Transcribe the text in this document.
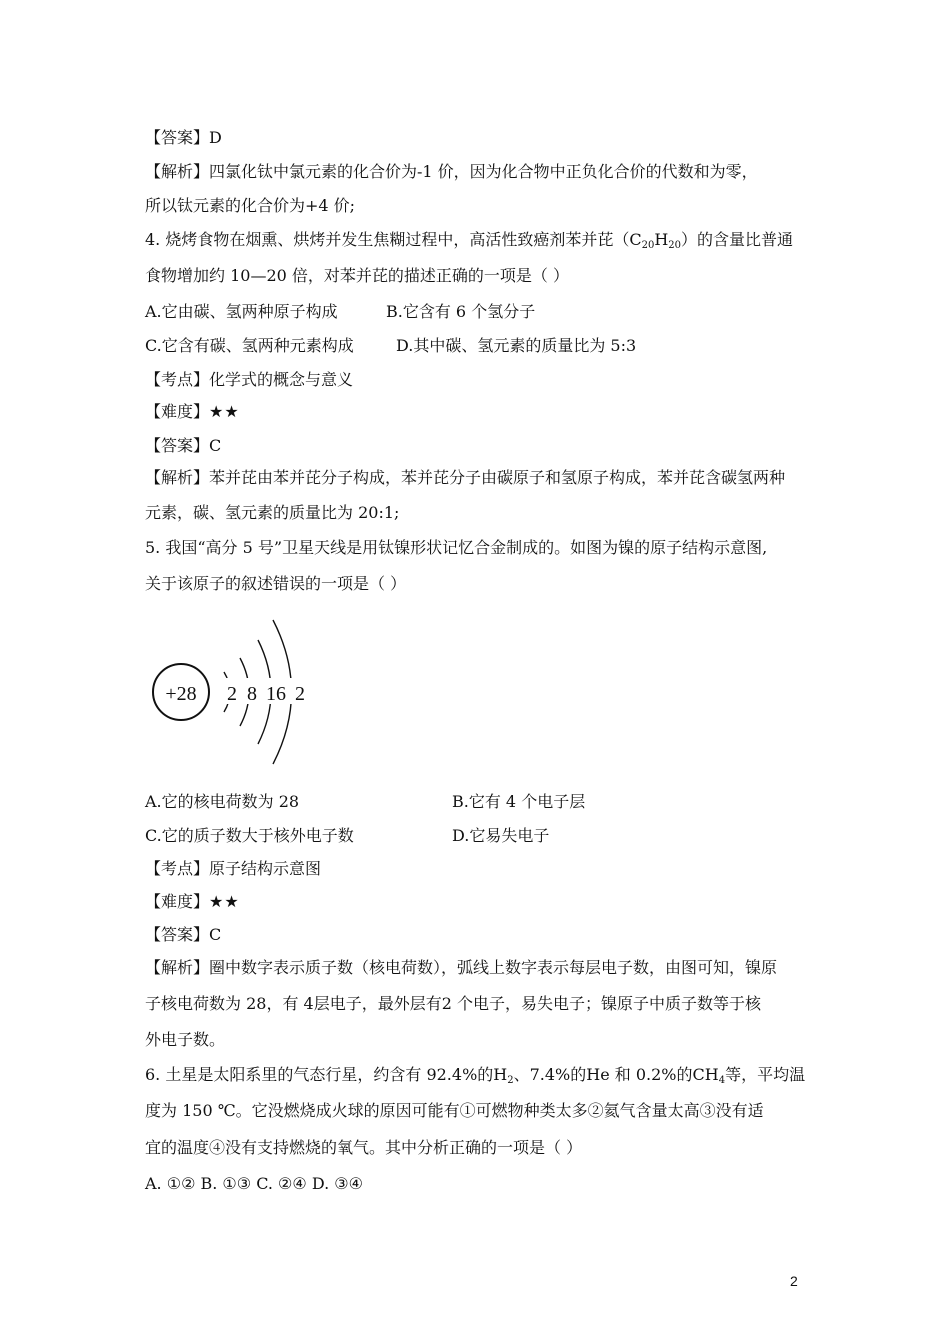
【答案】D
【解析】四氯化钛中氯元素的化合价为-1 价，因为化合物中正负化合价的代数和为零，
所以钛元素的化合价为+4 价;
4. 烧烤食物在烟熏、烘烤并发生焦糊过程中，高活性致癌剂苯并芘$(C_{20}H_{20})$的含量比普通
食物增加约 10—20 倍，对苯并芘的描述正确的一项是（ ）
A.它由碳、氢两种原子构成	B.它含有 6 个氢分子
C.它含有碳、氢两种元素构成	D.其中碳、氢元素的质量比为 5:3
【考点】化学式的概念与意义
【难度】★★
【答案】C
【解析】苯并芘由苯并芘分子构成，苯并芘分子由碳原子和氢原子构成，苯并芘含碳氢两种
元素，碳、氢元素的质量比为 20:1;
5. 我国“高分 5 号”卫星天线是用钛镍形状记忆合金制成的。如图为镍的原子结构示意图,
关于该原子的叙述错误的一项是（ ）
+28 2 8 16 2
A.它的核电荷数为 28	B.它有 4 个电子层
C.它的质子数大于核外电子数	D.它易失电子
【考点】原子结构示意图
【难度】★★
【答案】C
【解析】圈中数字表示质子数（核电荷数），弧线上数字表示每层电子数，由图可知，镍原
子核电荷数为 28，有 4层电子，最外层有2 个电子，易失电子；镍原子中质子数等于核
外电子数。
6. 土星是太阳系里的气态行星，约含有 92.4%的$H_2$、7.4%的He 和 0.2%的$CH_4$等，平均温
度为 150 ℃。它没燃烧成火球的原因可能有①可燃物种类太多②氦气含量太高③没有适
宜的温度④没有支持燃烧的氧气。其中分析正确的一项是（ ）
A. ①② B. ①③ C. ②④ D. ③④
2
